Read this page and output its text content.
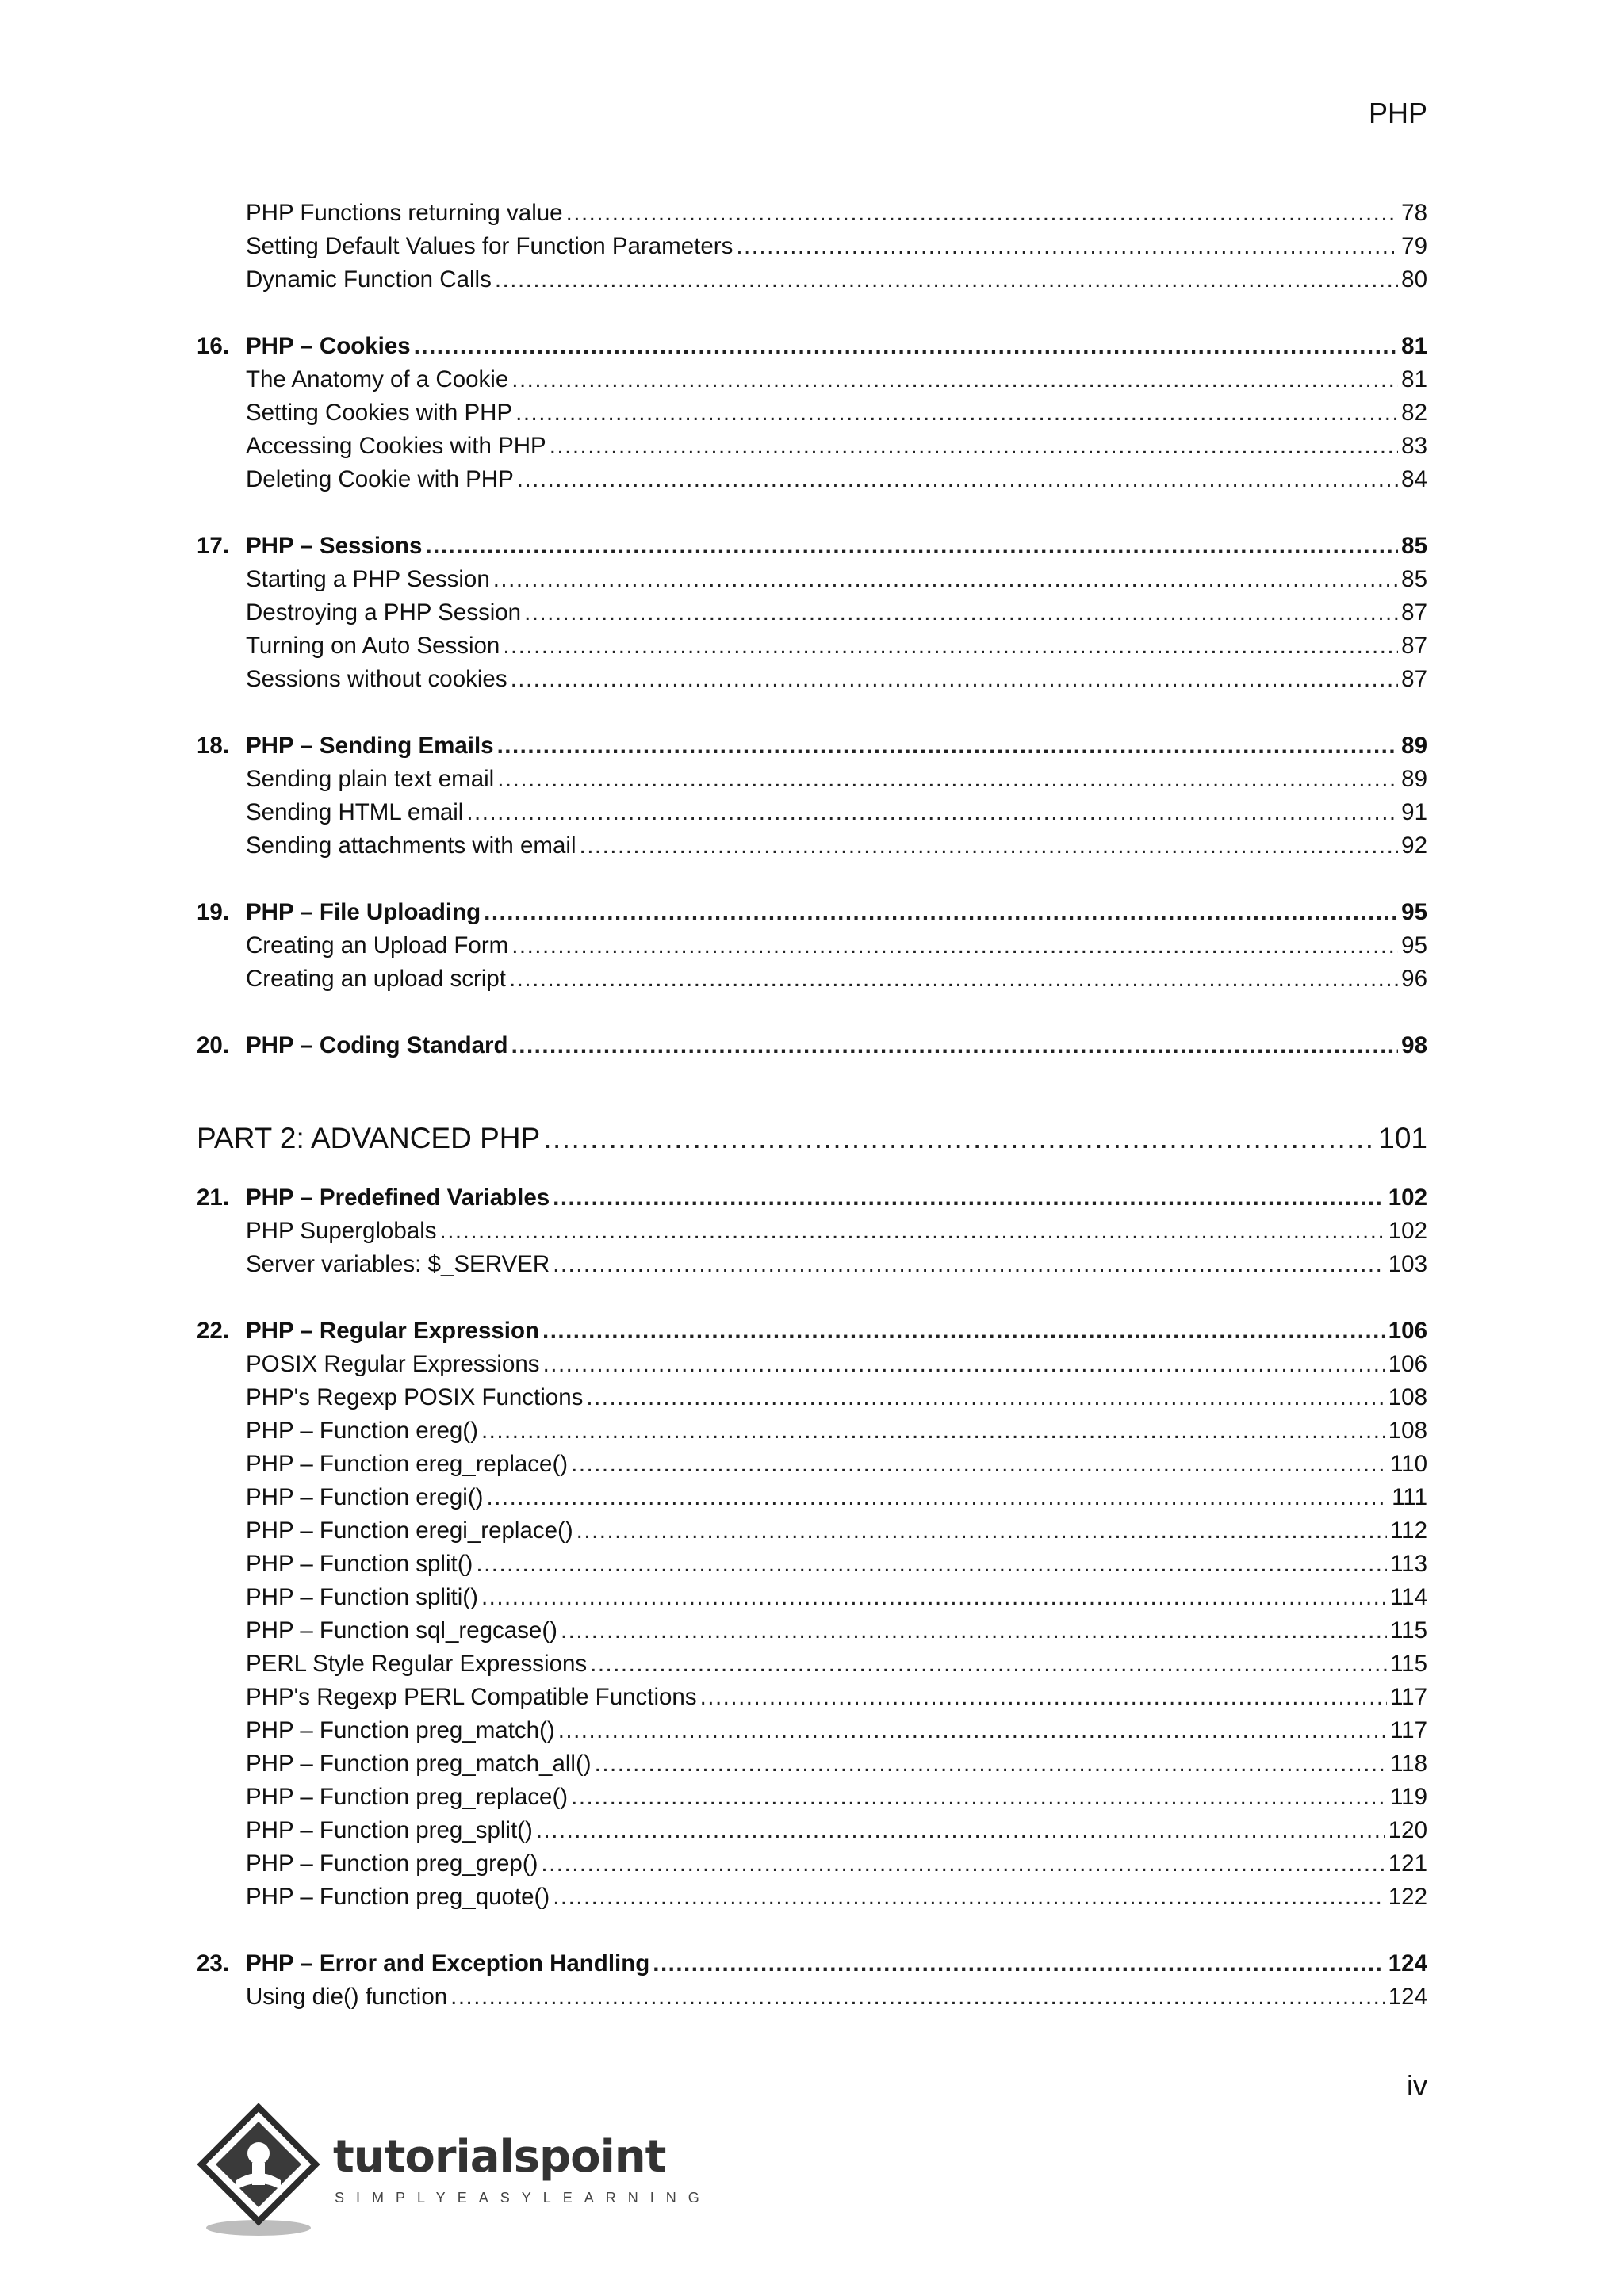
PHP
PHP Functions returning value .....	78
Setting Default Values for Function Parameters .....	79
Dynamic Function Calls .....	80
16. PHP – Cookies .....	81
The Anatomy of a Cookie .....	81
Setting Cookies with PHP .....	82
Accessing Cookies with PHP .....	83
Deleting Cookie with PHP .....	84
17. PHP – Sessions .....	85
Starting a PHP Session .....	85
Destroying a PHP Session .....	87
Turning on Auto Session .....	87
Sessions without cookies .....	87
18. PHP – Sending Emails .....	89
Sending plain text email .....	89
Sending HTML email .....	91
Sending attachments with email .....	92
19. PHP – File Uploading .....	95
Creating an Upload Form .....	95
Creating an upload script .....	96
20. PHP – Coding Standard .....	98
PART 2: ADVANCED PHP .....	101
21. PHP – Predefined Variables .....	102
PHP Superglobals .....	102
Server variables: $_SERVER .....	103
22. PHP – Regular Expression .....	106
POSIX Regular Expressions .....	106
PHP's Regexp POSIX Functions .....	108
PHP – Function ereg() .....	108
PHP – Function ereg_replace() .....	110
PHP – Function eregi() .....	111
PHP – Function eregi_replace() .....	112
PHP – Function split() .....	113
PHP – Function spliti() .....	114
PHP – Function sql_regcase() .....	115
PERL Style Regular Expressions .....	115
PHP's Regexp PERL Compatible Functions .....	117
PHP – Function preg_match() .....	117
PHP – Function preg_match_all() .....	118
PHP – Function preg_replace() .....	119
PHP – Function preg_split() .....	120
PHP – Function preg_grep() .....	121
PHP – Function preg_quote() .....	122
23. PHP – Error and Exception Handling .....	124
Using die() function .....	124
iv
tutorialspoint
SIMPLYEASYLEARNING
